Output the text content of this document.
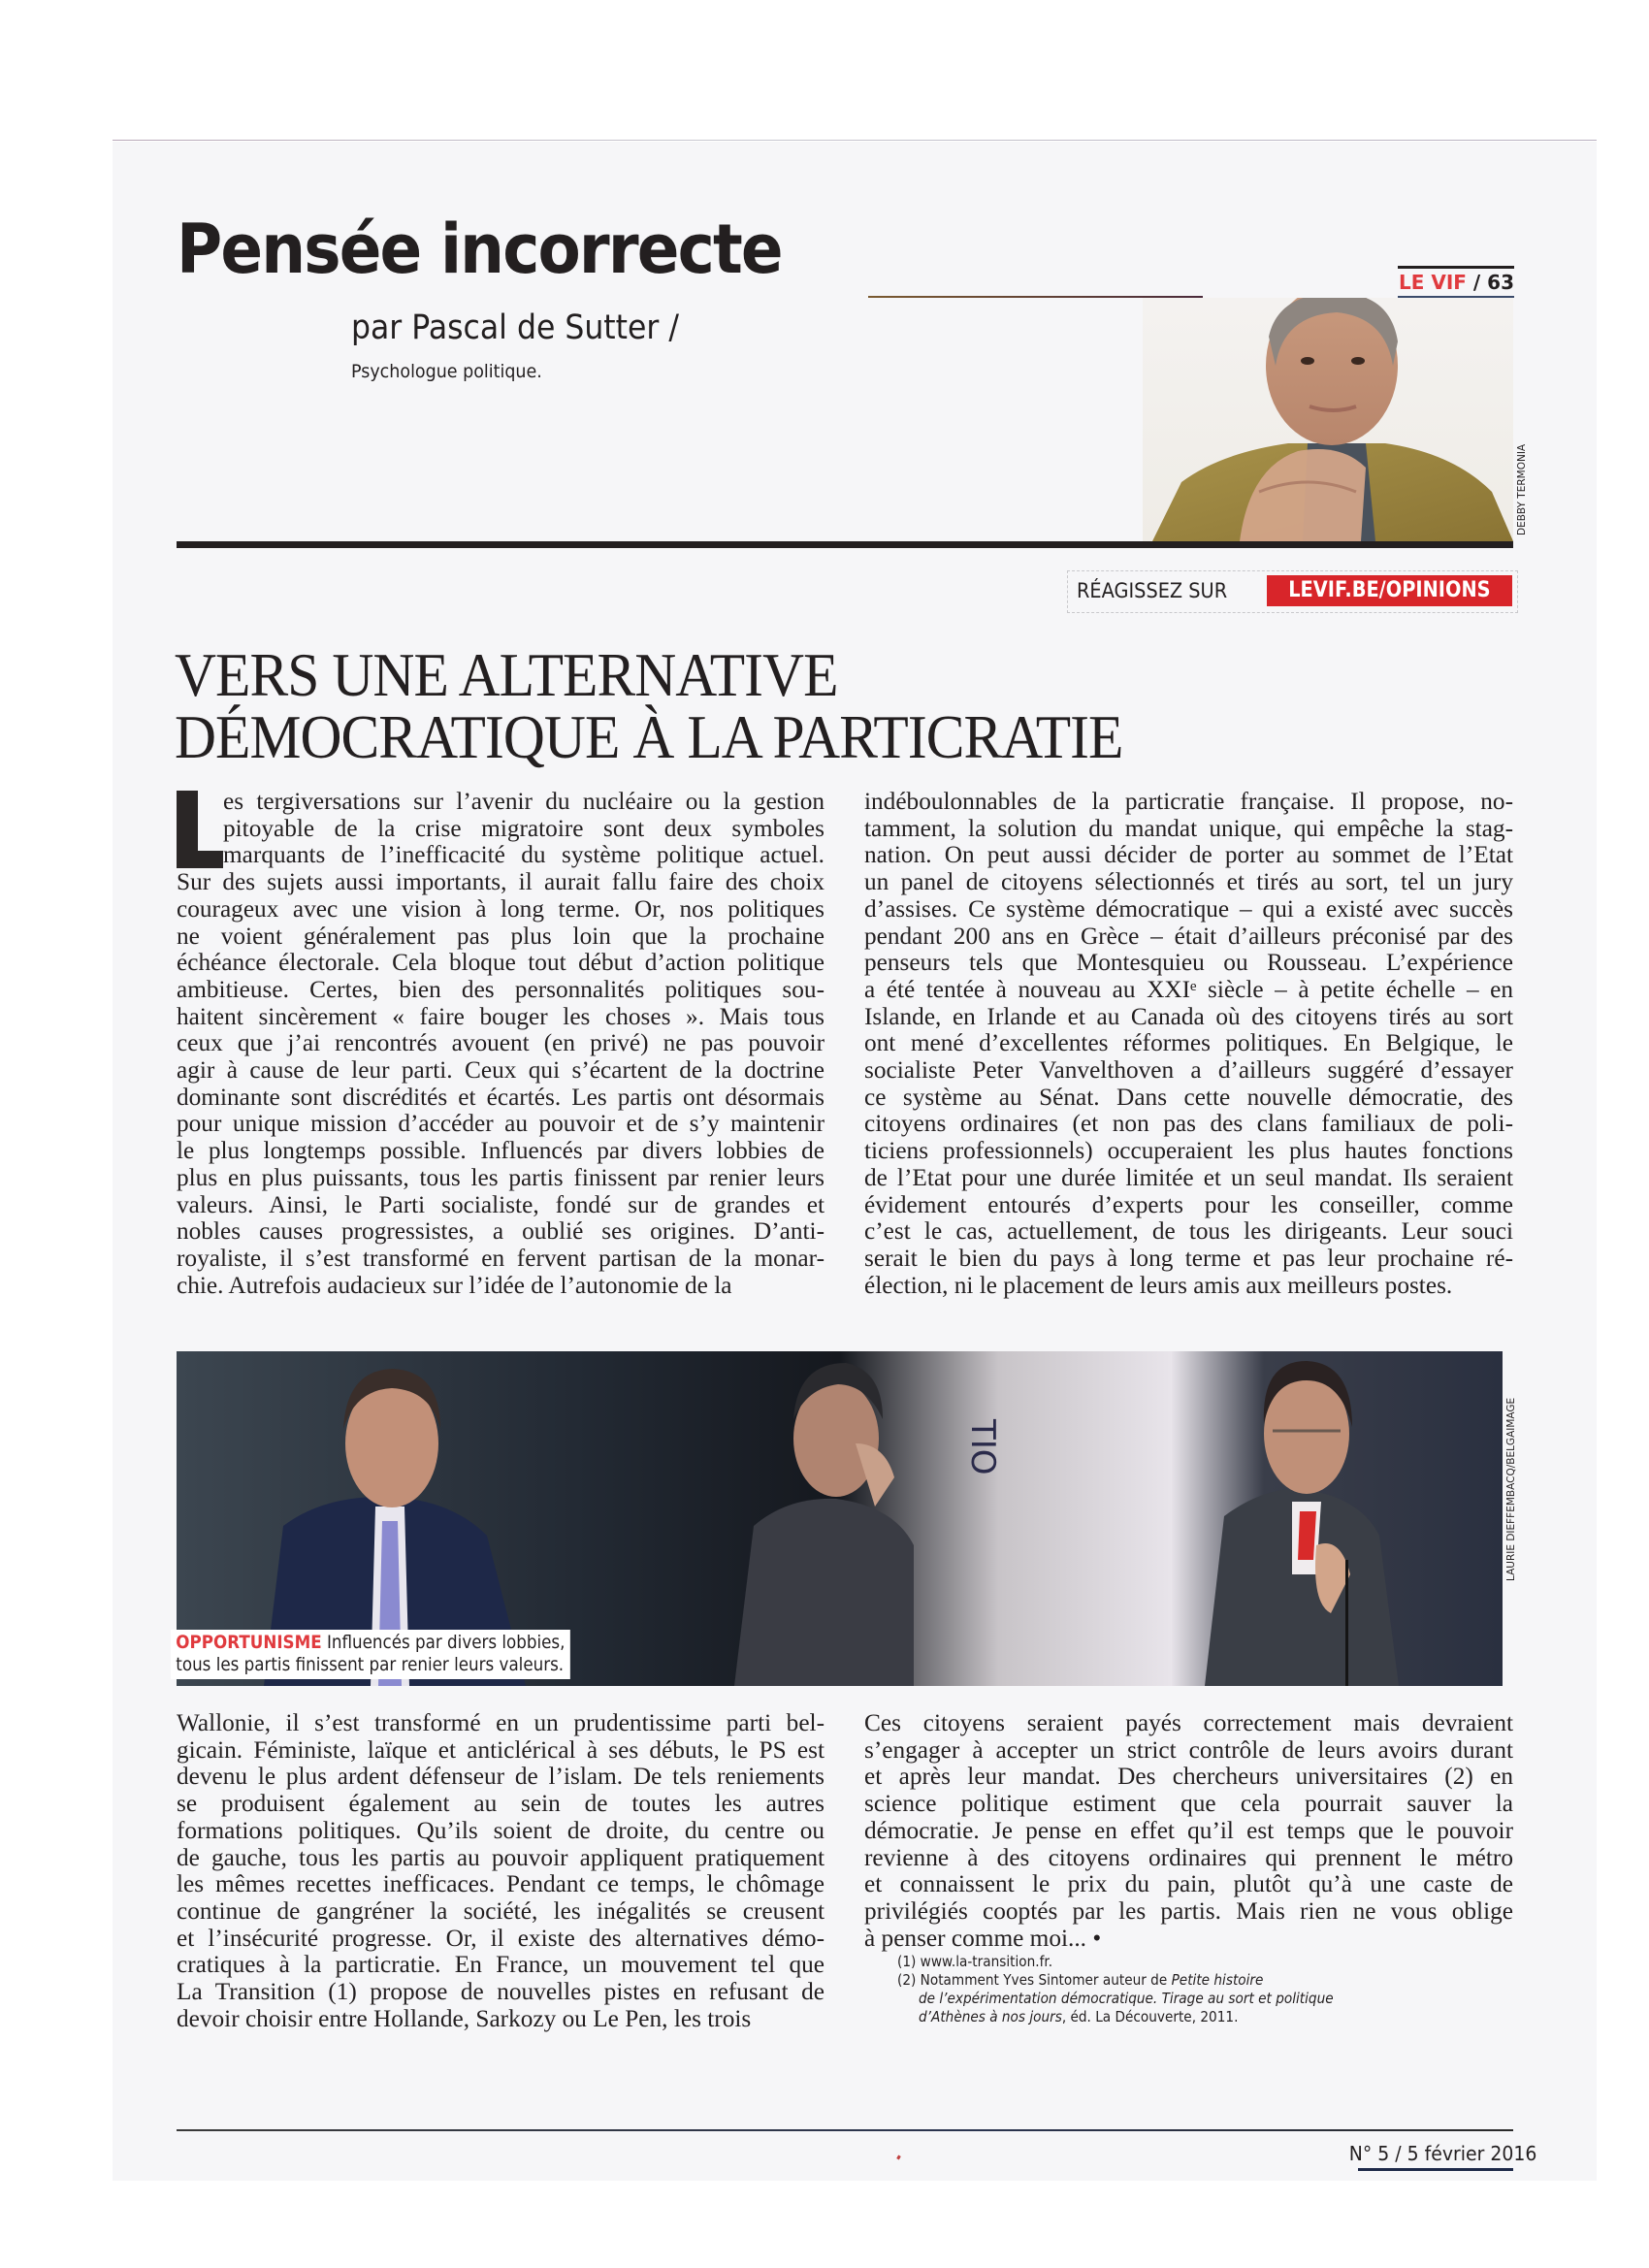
Pensée incorrecte
par Pascal de Sutter /
Psychologue politique.
LE VIF / 63
DEBBY TERMONIA
RÉAGISSEZ SUR	LEVIF.BE/OPINIONS
VERS UNE ALTERNATIVE
DÉMOCRATIQUE À LA PARTICRATIE
es tergiversations sur l’avenir du nucléaire ou la gestion
pitoyable de la crise migratoire sont deux symboles
marquants de l’inefficacité du système politique actuel.
Sur des sujets aussi importants, il aurait fallu faire des choix
courageux avec une vision à long terme. Or, nos politiques
ne voient généralement pas plus loin que la prochaine
échéance électorale. Cela bloque tout début d’action politique
ambitieuse. Certes, bien des personnalités politiques sou-
haitent sincèrement « faire bouger les choses ». Mais tous
ceux que j’ai rencontrés avouent (en privé) ne pas pouvoir
agir à cause de leur parti. Ceux qui s’écartent de la doctrine
dominante sont discrédités et écartés. Les partis ont désormais
pour unique mission d’accéder au pouvoir et de s’y maintenir
le plus longtemps possible. Influencés par divers lobbies de
plus en plus puissants, tous les partis finissent par renier leurs
valeurs. Ainsi, le Parti socialiste, fondé sur de grandes et
nobles causes progressistes, a oublié ses origines. D’anti-
royaliste, il s’est transformé en fervent partisan de la monar-
chie. Autrefois audacieux sur l’idée de l’autonomie de la
indéboulonnables de la particratie française. Il propose, no-
tamment, la solution du mandat unique, qui empêche la stag-
nation. On peut aussi décider de porter au sommet de l’Etat
un panel de citoyens sélectionnés et tirés au sort, tel un jury
d’assises. Ce système démocratique – qui a existé avec succès
pendant 200 ans en Grèce – était d’ailleurs préconisé par des
penseurs tels que Montesquieu ou Rousseau. L’expérience
a été tentée à nouveau au XXIᵉ siècle – à petite échelle – en
Islande, en Irlande et au Canada où des citoyens tirés au sort
ont mené d’excellentes réformes politiques. En Belgique, le
socialiste Peter Vanvelthoven a d’ailleurs suggéré d’essayer
ce système au Sénat. Dans cette nouvelle démocratie, des
citoyens ordinaires (et non pas des clans familiaux de poli-
ticiens professionnels) occuperaient les plus hautes fonctions
de l’Etat pour une durée limitée et un seul mandat. Ils seraient
évidement entourés d’experts pour les conseiller, comme
c’est le cas, actuellement, de tous les dirigeants. Leur souci
serait le bien du pays à long terme et pas leur prochaine ré-
élection, ni le placement de leurs amis aux meilleurs postes.
TIO
OPPORTUNISME Influencés par divers lobbies,
tous les partis finissent par renier leurs valeurs.
LAURIE DIEFFEMBACQ/BELGAIMAGE
Wallonie, il s’est transformé en un prudentissime parti bel-
gicain. Féministe, laïque et anticlérical à ses débuts, le PS est
devenu le plus ardent défenseur de l’islam. De tels reniements
se produisent également au sein de toutes les autres
formations politiques. Qu’ils soient de droite, du centre ou
de gauche, tous les partis au pouvoir appliquent pratiquement
les mêmes recettes inefficaces. Pendant ce temps, le chômage
continue de gangréner la société, les inégalités se creusent
et l’insécurité progresse. Or, il existe des alternatives démo-
cratiques à la particratie. En France, un mouvement tel que
La Transition (1) propose de nouvelles pistes en refusant de
devoir choisir entre Hollande, Sarkozy ou Le Pen, les trois
Ces citoyens seraient payés correctement mais devraient
s’engager à accepter un strict contrôle de leurs avoirs durant
et après leur mandat. Des chercheurs universitaires (2) en
science politique estiment que cela pourrait sauver la
démocratie. Je pense en effet qu’il est temps que le pouvoir
revienne à des citoyens ordinaires qui prennent le métro
et connaissent le prix du pain, plutôt qu’à une caste de
privilégiés cooptés par les partis. Mais rien ne vous oblige
à penser comme moi... •
(1) www.la-transition.fr.
(2) Notamment Yves Sintomer auteur de Petite histoire
de l’expérimentation démocratique. Tirage au sort et politique
d’Athènes à nos jours, éd. La Découverte, 2011.
N° 5 / 5 février 2016
